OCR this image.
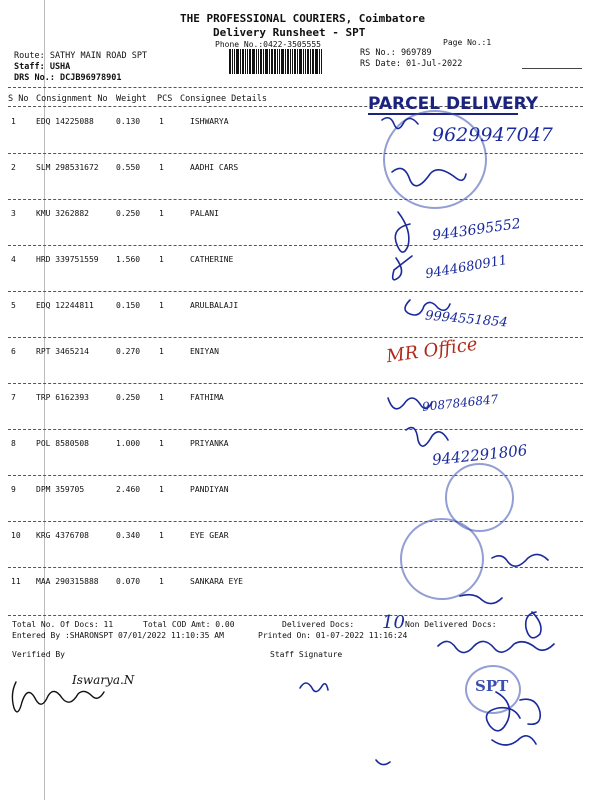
THE PROFESSIONAL COURIERS, Coimbatore
Delivery Runsheet - SPT
Phone No.:0422-3505555	Page No.:1
Route: SATHY MAIN ROAD SPT
Staff: USHA
DRS No.: DCJB96978901
RS No.: 969789
RS Date: 01-Jul-2022
S No Consignment No Weight PCS Consignee Details
1	EDQ 14225088	0.130 1	ISHWARYA
2	SLM 298531672 0.550 1	AADHI CARS
3	KMU 3262882	0.250 1	PALANI
4	HRD 339751559 1.560 1	CATHERINE
5	EDQ 12244811	0.150 1	ARULBALAJI
6	RPT 3465214	0.270 1	ENIYAN
7	TRP 6162393	0.250 1	FATHIMA
8	POL 8580508	1.000 1	PRIYANKA
9	DPM 359705	2.460 1	PANDIYAN
10 KRG 4376708	0.340 1	EYE GEAR
11 MAA 290315888 0.070 1	SANKARA EYE
Total No. Of Docs: 11	Total COD Amt: 0.00	Delivered Docs:	Non Delivered Docs:
Entered By :SHARONSPT 07/01/2022 11:10:35 AM	Printed On: 01-07-2022 11:16:24
Verified By	Staff Signature
PARCEL DELIVERY
SPT
9629947047
9443695552
9444680911
9994551854
MR Office
9087846847
9442291806
10
Iswarya.N
